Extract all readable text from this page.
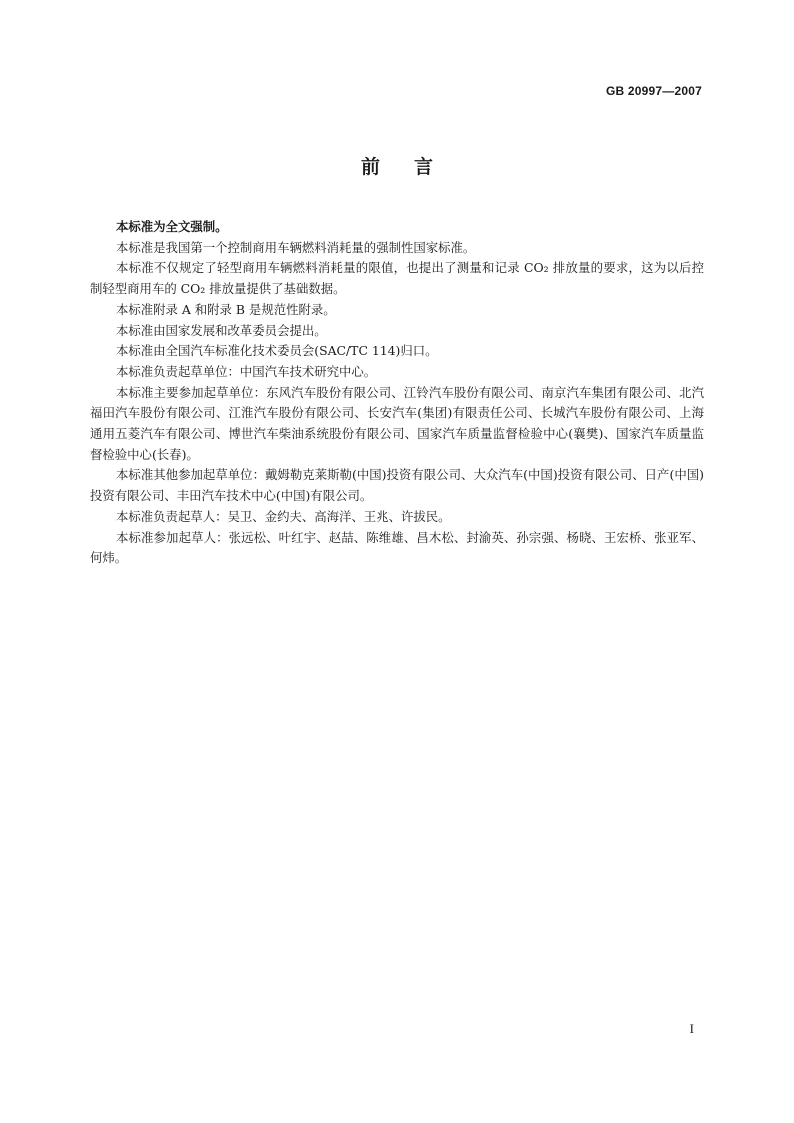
GB 20997—2007
前言

本标准为全文强制。

本标准是我国第一个控制商用车辆燃料消耗量的强制性国家标准。

本标准不仅规定了轻型商用车辆燃料消耗量的限值，也提出了测量和记录 CO₂ 排放量的要求，这为以后控制轻型商用车的 CO₂ 排放量提供了基础数据。

本标准附录 A 和附录 B 是规范性附录。

本标准由国家发展和改革委员会提出。

本标准由全国汽车标准化技术委员会(SAC/TC 114)归口。

本标准负责起草单位：中国汽车技术研究中心。

本标准主要参加起草单位：东风汽车股份有限公司、江铃汽车股份有限公司、南京汽车集团有限公司、北汽福田汽车股份有限公司、江淮汽车股份有限公司、长安汽车(集团)有限责任公司、长城汽车股份有限公司、上海通用五菱汽车有限公司、博世汽车柴油系统股份有限公司、国家汽车质量监督检验中心(襄樊)、国家汽车质量监督检验中心(长春)。

本标准其他参加起草单位：戴姆勒克莱斯勒(中国)投资有限公司、大众汽车(中国)投资有限公司、日产(中国)投资有限公司、丰田汽车技术中心(中国)有限公司。

本标准负责起草人：吴卫、金约夫、高海洋、王兆、许拔民。

本标准参加起草人：张远松、叶红宇、赵喆、陈维雄、昌木松、封渝英、孙宗强、杨晓、王宏桥、张亚军、何炜。

I
